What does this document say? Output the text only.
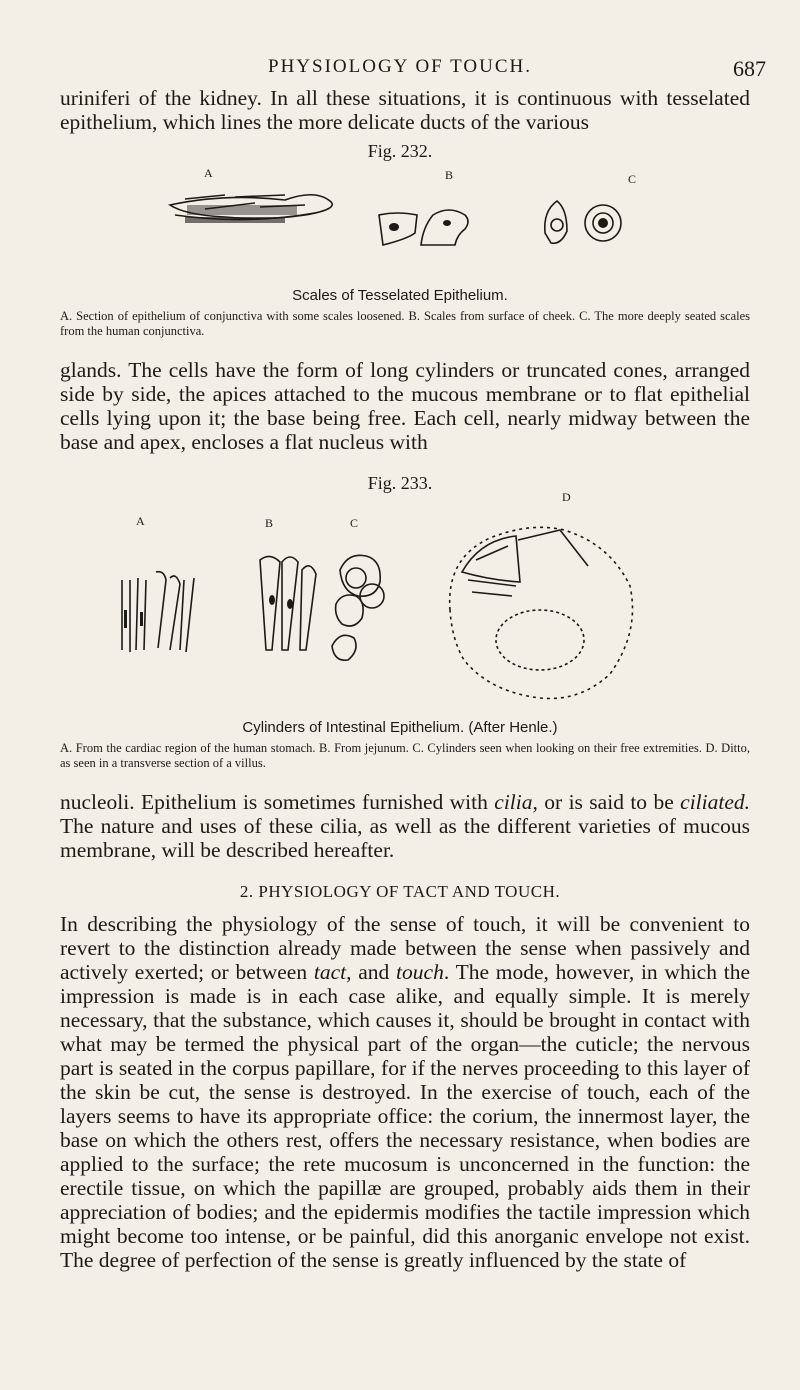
PHYSIOLOGY OF TOUCH.	687

uriniferi of the kidney. In all these situations, it is continuous with tesselated epithelium, which lines the more delicate ducts of the various

Fig. 232.
A	B	C
Scales of Tesselated Epithelium.

A. Section of epithelium of conjunctiva with some scales loosened. B. Scales from surface of cheek. C. The more deeply seated scales from the human conjunctiva.

glands. The cells have the form of long cylinders or truncated cones, arranged side by side, the apices attached to the mucous membrane or to flat epithelial cells lying upon it; the base being free. Each cell, nearly midway between the base and apex, encloses a flat nucleus with

Fig. 233.
A	B	C
D
Cylinders of Intestinal Epithelium. (After Henle.)

A. From the cardiac region of the human stomach. B. From jejunum. C. Cylinders seen when looking on their free extremities. D. Ditto, as seen in a transverse section of a villus.

nucleoli. Epithelium is sometimes furnished with cilia, or is said to be ciliated. The nature and uses of these cilia, as well as the different varieties of mucous membrane, will be described hereafter.

2. PHYSIOLOGY OF TACT AND TOUCH.

In describing the physiology of the sense of touch, it will be convenient to revert to the distinction already made between the sense when passively and actively exerted; or between tact, and touch. The mode, however, in which the impression is made is in each case alike, and equally simple. It is merely necessary, that the substance, which causes it, should be brought in contact with what may be termed the physical part of the organ—the cuticle; the nervous part is seated in the corpus papillare, for if the nerves proceeding to this layer of the skin be cut, the sense is destroyed. In the exercise of touch, each of the layers seems to have its appropriate office: the corium, the innermost layer, the base on which the others rest, offers the necessary resistance, when bodies are applied to the surface; the rete mucosum is unconcerned in the function: the erectile tissue, on which the papillæ are grouped, probably aids them in their appreciation of bodies; and the epidermis modifies the tactile impression which might become too intense, or be painful, did this anorganic envelope not exist. The degree of perfection of the sense is greatly influenced by the state of
